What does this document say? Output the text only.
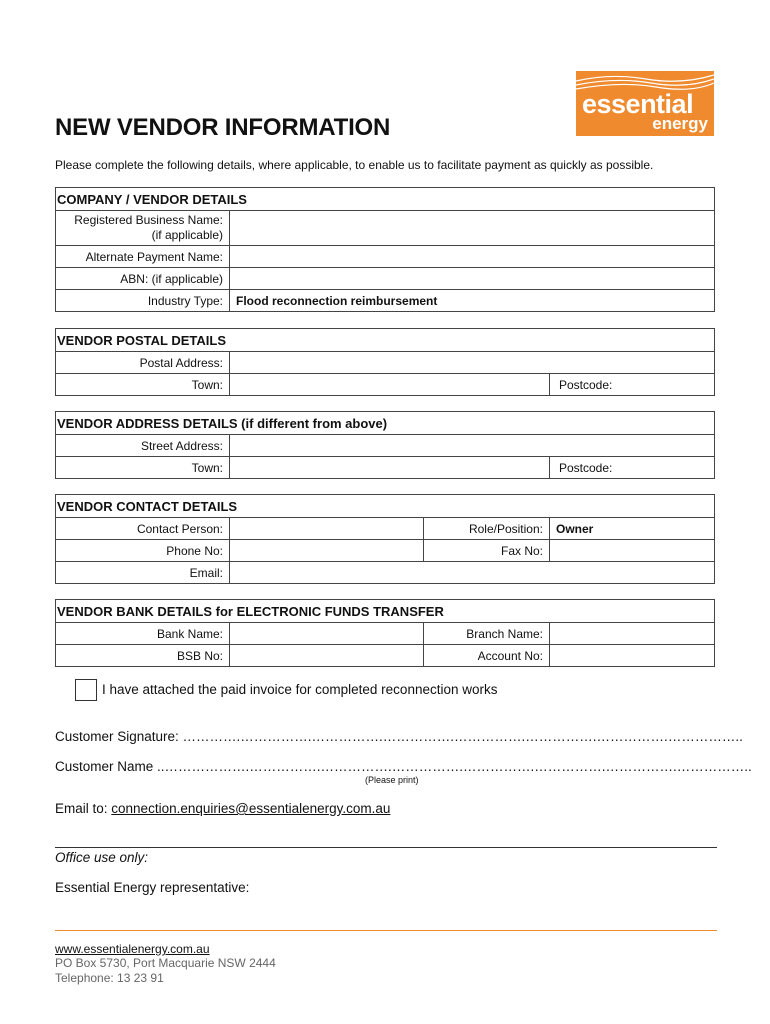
essential
energy
NEW VENDOR INFORMATION
Please complete the following details, where applicable, to enable us to facilitate payment as quickly as possible.
COMPANY / VENDOR DETAILS	
Registered Business Name:
(if applicable)	
Alternate Payment Name:	
ABN: (if applicable)	
Industry Type:	Flood reconnection reimbursement
VENDOR POSTAL DETAILS		
Postal Address:		
Town:		Postcode:
VENDOR ADDRESS DETAILS (if different from above)		
Street Address:		
Town:		Postcode:
VENDOR CONTACT DETAILS			
Contact Person:		Role/Position:	Owner
Phone No:		Fax No:	
Email:			
VENDOR BANK DETAILS for ELECTRONIC FUNDS TRANSFER			
Bank Name:		Branch Name:	
BSB No:		Account No:	
I have attached the paid invoice for completed reconnection works
Customer Signature: ………….…………….…………….…………….…………….…………….…………….……………..
Customer Name ..……………….…………….…………….…………….…………….…………….…………….……………..
(Please print)
Email to: connection.enquiries@essentialenergy.com.au
Office use only:
Essential Energy representative:
www.essentialenergy.com.au
PO Box 5730, Port Macquarie NSW 2444
Telephone: 13 23 91
